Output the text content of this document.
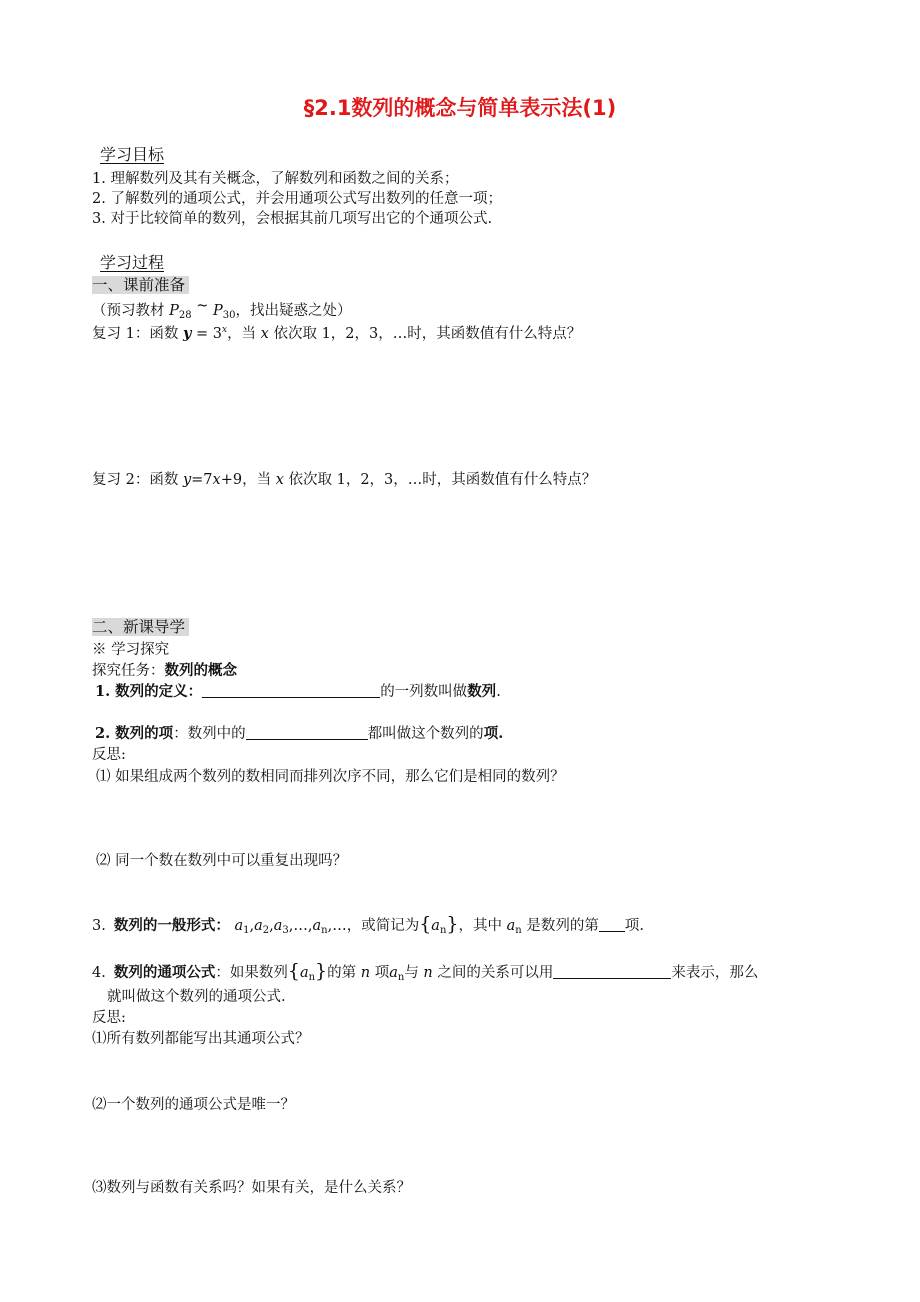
§2.1数列的概念与简单表示法(1)
学习目标
1. 理解数列及其有关概念，了解数列和函数之间的关系；
2. 了解数列的通项公式，并会用通项公式写出数列的任意一项；
3. 对于比较简单的数列，会根据其前几项写出它的个通项公式.
学习过程
一、课前准备
（预习教材 $P_{28}$ ~ $P_{30}$，找出疑惑之处）
复习 1：函数 $y = 3^x$，当 x 依次取 1，2，3，…时，其函数值有什么特点？
复习 2：函数 y=7x+9，当 x 依次取 1，2，3，…时，其函数值有什么特点？
二、新课导学
※ 学习探究
探究任务：数列的概念
1. 数列的定义：	的一列数叫做数列.
2. 数列的项：数列中的	都叫做这个数列的项.
反思:
⑴ 如果组成两个数列的数相同而排列次序不同，那么它们是相同的数列？
⑵ 同一个数在数列中可以重复出现吗？
3. 数列的一般形式： $a_1,a_2,a_3,\dots,a_n,\dots$，或简记为$\{a_n\}$，其中 $a_n$ 是数列的第 项.
4. 数列的通项公式：如果数列$\{a_n\}$的第 n 项$a_n$与 n 之间的关系可以用	来表示，那么
就叫做这个数列的通项公式.
反思:
⑴所有数列都能写出其通项公式？
⑵一个数列的通项公式是唯一？
⑶数列与函数有关系吗？如果有关，是什么关系？
